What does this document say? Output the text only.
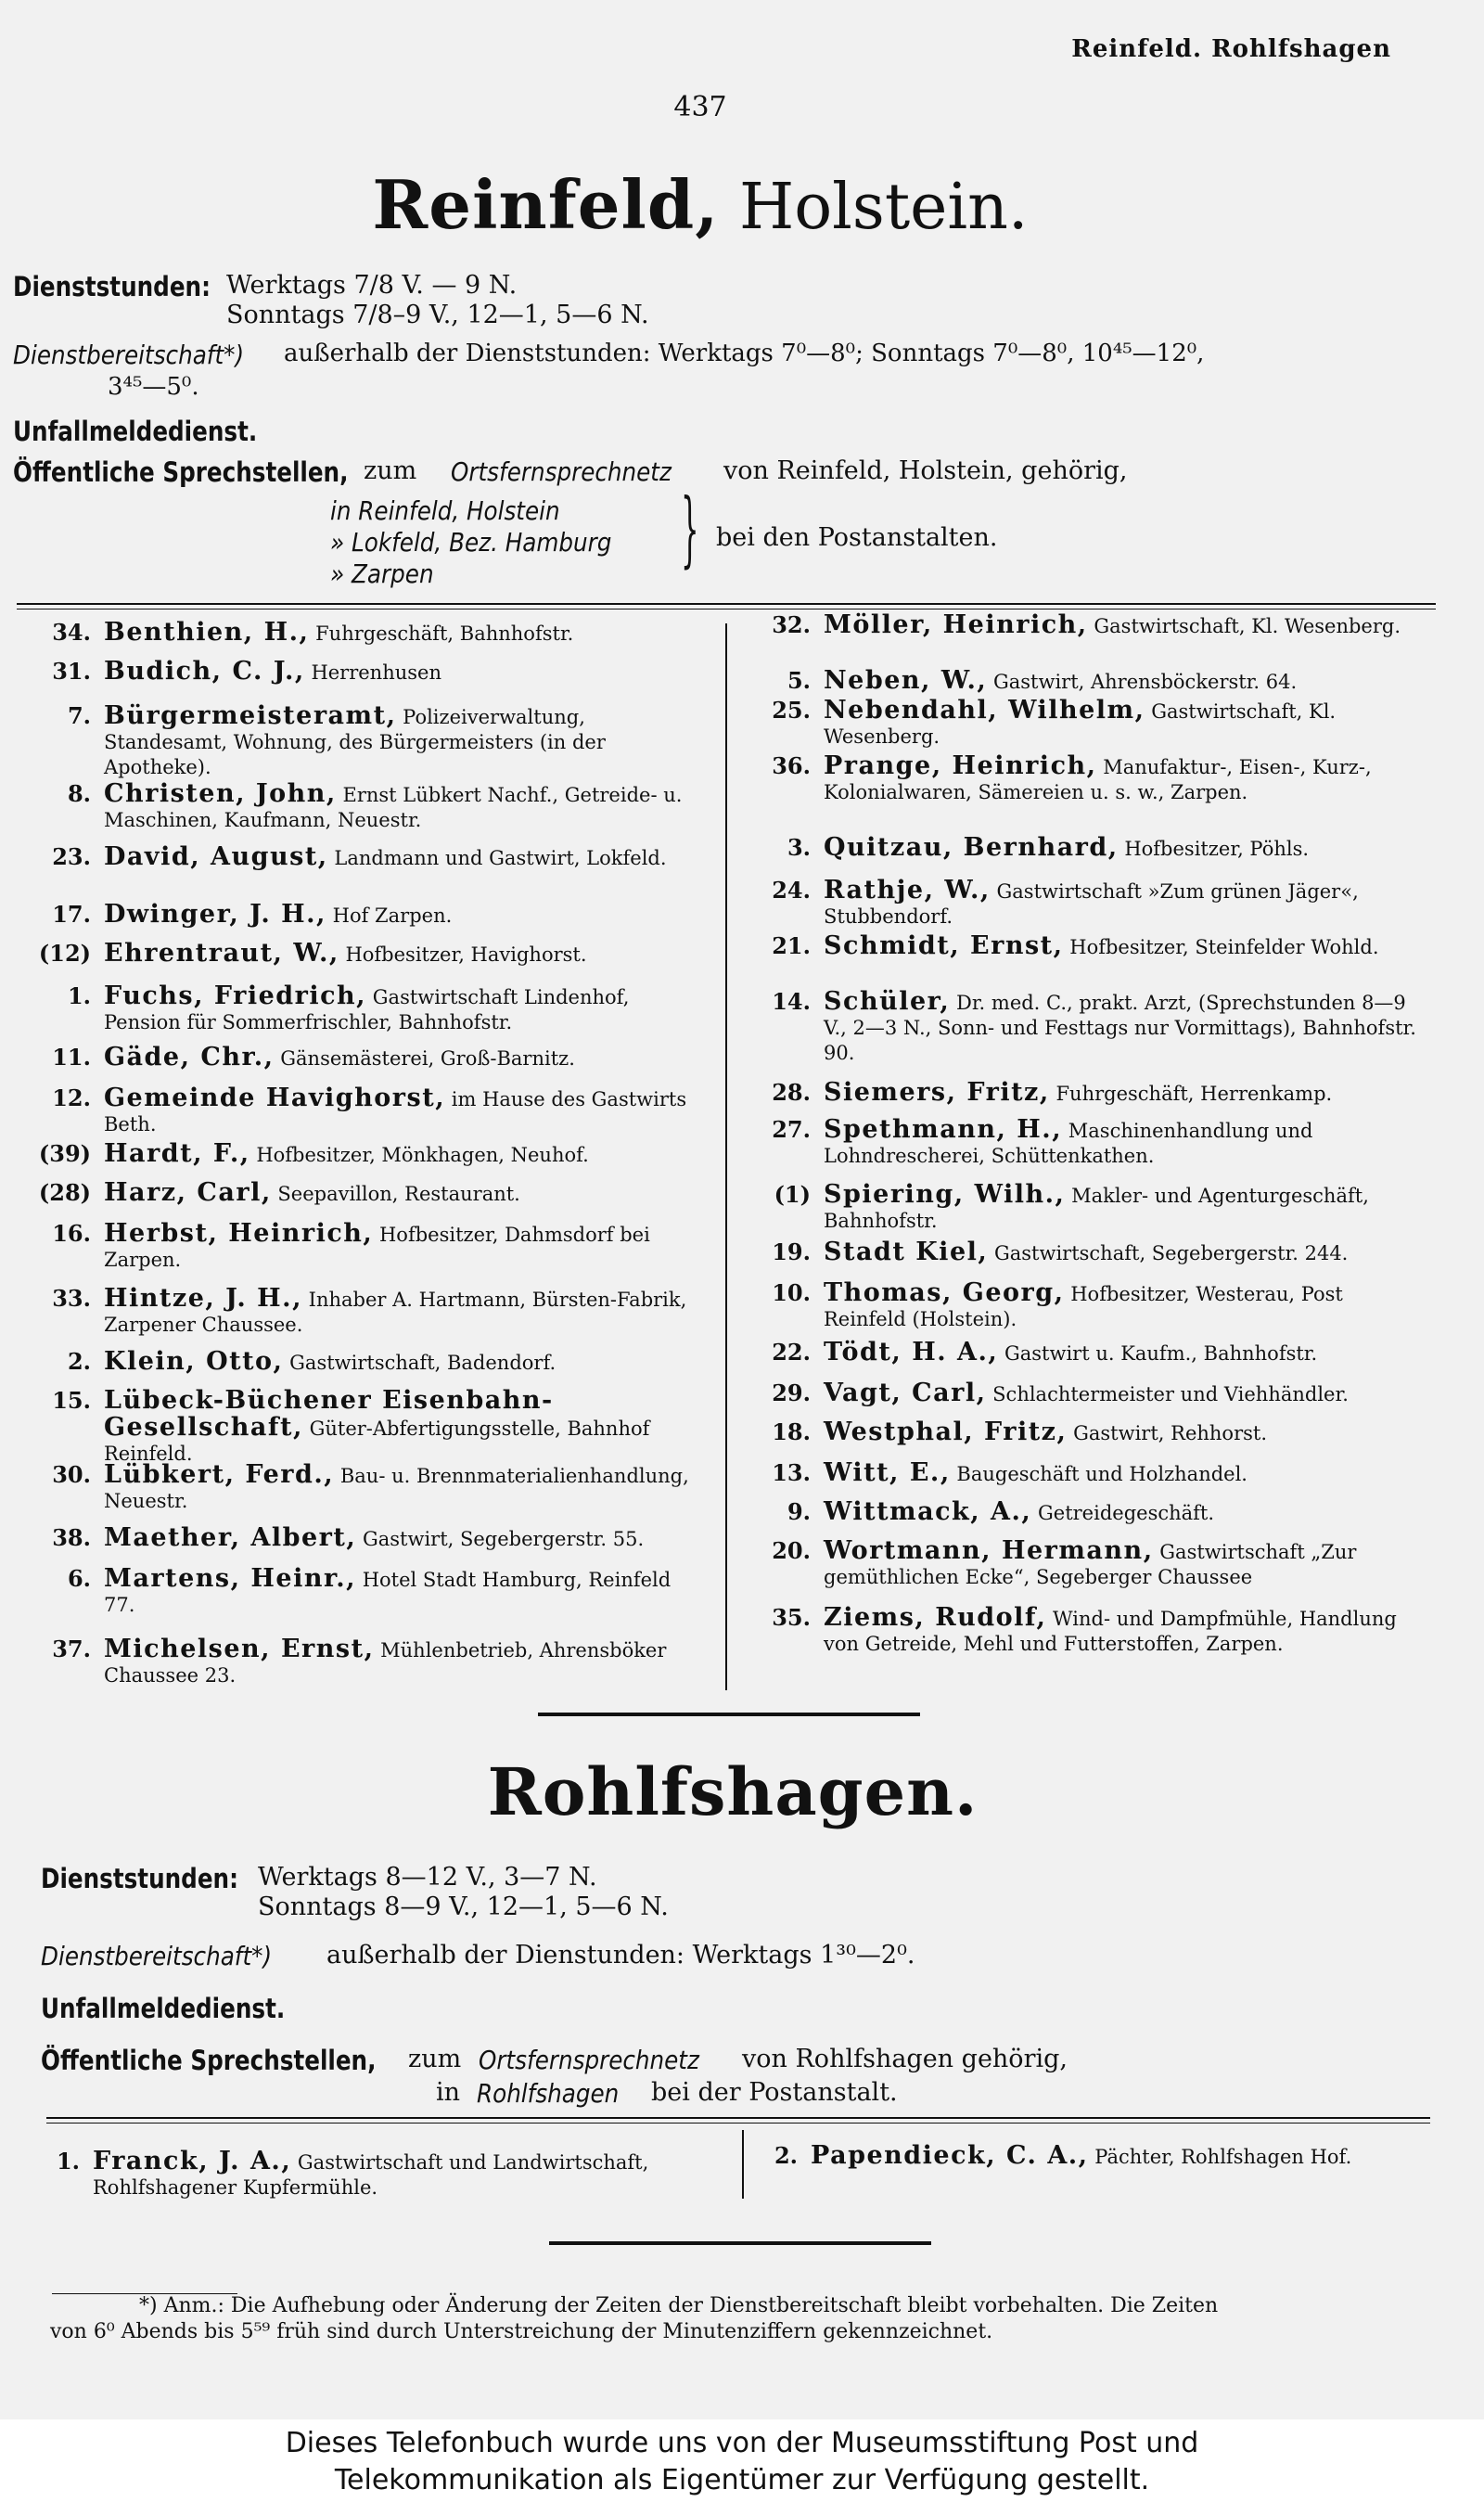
Reinfeld. Rohlfshagen
437
Reinfeld, Holstein.
Dienststunden: Werktags 7/8 V. — 9 N.
Sonntags 7/8–9 V., 12—1, 5—6 N.
Dienstbereitschaft*)	außerhalb der Dienststunden: Werktags 7⁰—8⁰; Sonntags 7⁰—8⁰, 10⁴⁵—12⁰,
3⁴⁵—5⁰.
Unfallmeldedienst.
Öffentliche Sprechstellen, zum Ortsfernsprechnetz	von Reinfeld, Holstein, gehörig,
in Reinfeld, Holstein
» Lokfeld, Bez. Hamburg
» Zarpen	} bei den Postanstalten.
34. Benthien, H., Fuhrgeschäft, Bahnhofstr.
31. Budich, C. J., Herrenhusen
7. Bürgermeisteramt, Polizeiverwaltung, Standesamt, Wohnung, des Bürgermeisters (in der Apotheke).
8. Christen, John, Ernst Lübkert Nachf., Getreide- u. Maschinen, Kaufmann, Neuestr.
23. David, August, Landmann und Gastwirt, Lokfeld.
17. Dwinger, J. H., Hof Zarpen.
(12) Ehrentraut, W., Hofbesitzer, Havighorst.
1. Fuchs, Friedrich, Gastwirtschaft Lindenhof, Pension für Sommerfrischler, Bahnhofstr.
11. Gäde, Chr., Gänsemästerei, Groß-Barnitz.
12. Gemeinde Havighorst, im Hause des Gastwirts Beth.
(39) Hardt, F., Hofbesitzer, Mönkhagen, Neuhof.
(28) Harz, Carl, Seepavillon, Restaurant.
16. Herbst, Heinrich, Hofbesitzer, Dahmsdorf bei Zarpen.
33. Hintze, J. H., Inhaber A. Hartmann, Bürsten-Fabrik, Zarpener Chaussee.
2. Klein, Otto, Gastwirtschaft, Badendorf.
15. Lübeck-Büchener Eisenbahn-Gesellschaft, Güter-Abfertigungsstelle, Bahnhof Reinfeld.
30. Lübkert, Ferd., Bau- u. Brennmaterialienhandlung, Neuestr.
38. Maether, Albert, Gastwirt, Segebergerstr. 55.
6. Martens, Heinr., Hotel Stadt Hamburg, Reinfeld 77.
37. Michelsen, Ernst, Mühlenbetrieb, Ahrensböker Chaussee 23.
32. Möller, Heinrich, Gastwirtschaft, Kl. Wesenberg.
5. Neben, W., Gastwirt, Ahrensböckerstr. 64.
25. Nebendahl, Wilhelm, Gastwirtschaft, Kl. Wesenberg.
36. Prange, Heinrich, Manufaktur-, Eisen-, Kurz-, Kolonialwaren, Sämereien u. s. w., Zarpen.
3. Quitzau, Bernhard, Hofbesitzer, Pöhls.
24. Rathje, W., Gastwirtschaft »Zum grünen Jäger«, Stubbendorf.
21. Schmidt, Ernst, Hofbesitzer, Steinfelder Wohld.
14. Schüler, Dr. med. C., prakt. Arzt, (Sprechstunden 8—9 V., 2—3 N., Sonn- und Festtags nur Vormittags), Bahnhofstr. 90.
28. Siemers, Fritz, Fuhrgeschäft, Herrenkamp.
27. Spethmann, H., Maschinenhandlung und Lohndrescherei, Schüttenkathen.
(1) Spiering, Wilh., Makler- und Agenturgeschäft, Bahnhofstr.
19. Stadt Kiel, Gastwirtschaft, Segebergerstr. 244.
10. Thomas, Georg, Hofbesitzer, Westerau, Post Reinfeld (Holstein).
22. Tödt, H. A., Gastwirt u. Kaufm., Bahnhofstr.
29. Vagt, Carl, Schlachtermeister und Viehhändler.
18. Westphal, Fritz, Gastwirt, Rehhorst.
13. Witt, E., Baugeschäft und Holzhandel.
9. Wittmack, A., Getreidegeschäft.
20. Wortmann, Hermann, Gastwirtschaft „Zur gemüthlichen Ecke“, Segeberger Chaussee
35. Ziems, Rudolf, Wind- und Dampfmühle, Handlung von Getreide, Mehl und Futterstoffen, Zarpen.
Rohlfshagen.
Dienststunden: Werktags 8—12 V., 3—7 N.
Sonntags 8—9 V., 12—1, 5—6 N.
Dienstbereitschaft*)	außerhalb der Dienstunden: Werktags 1³⁰—2⁰.
Unfallmeldedienst.
Öffentliche Sprechstellen,	zum Ortsfernsprechnetz	von Rohlfshagen gehörig,
in Rohlfshagen	bei der Postanstalt.
1. Franck, J. A., Gastwirtschaft und Landwirtschaft, Rohlfshagener Kupfermühle.
2. Papendieck, C. A., Pächter, Rohlfshagen Hof.
*) Anm.: Die Aufhebung oder Änderung der Zeiten der Dienstbereitschaft bleibt vorbehalten. Die Zeiten
von 6⁰ Abends bis 5⁵⁹ früh sind durch Unterstreichung der Minutenziffern gekennzeichnet.
Dieses Telefonbuch wurde uns von der Museumsstiftung Post und
Telekommunikation als Eigentümer zur Verfügung gestellt.
